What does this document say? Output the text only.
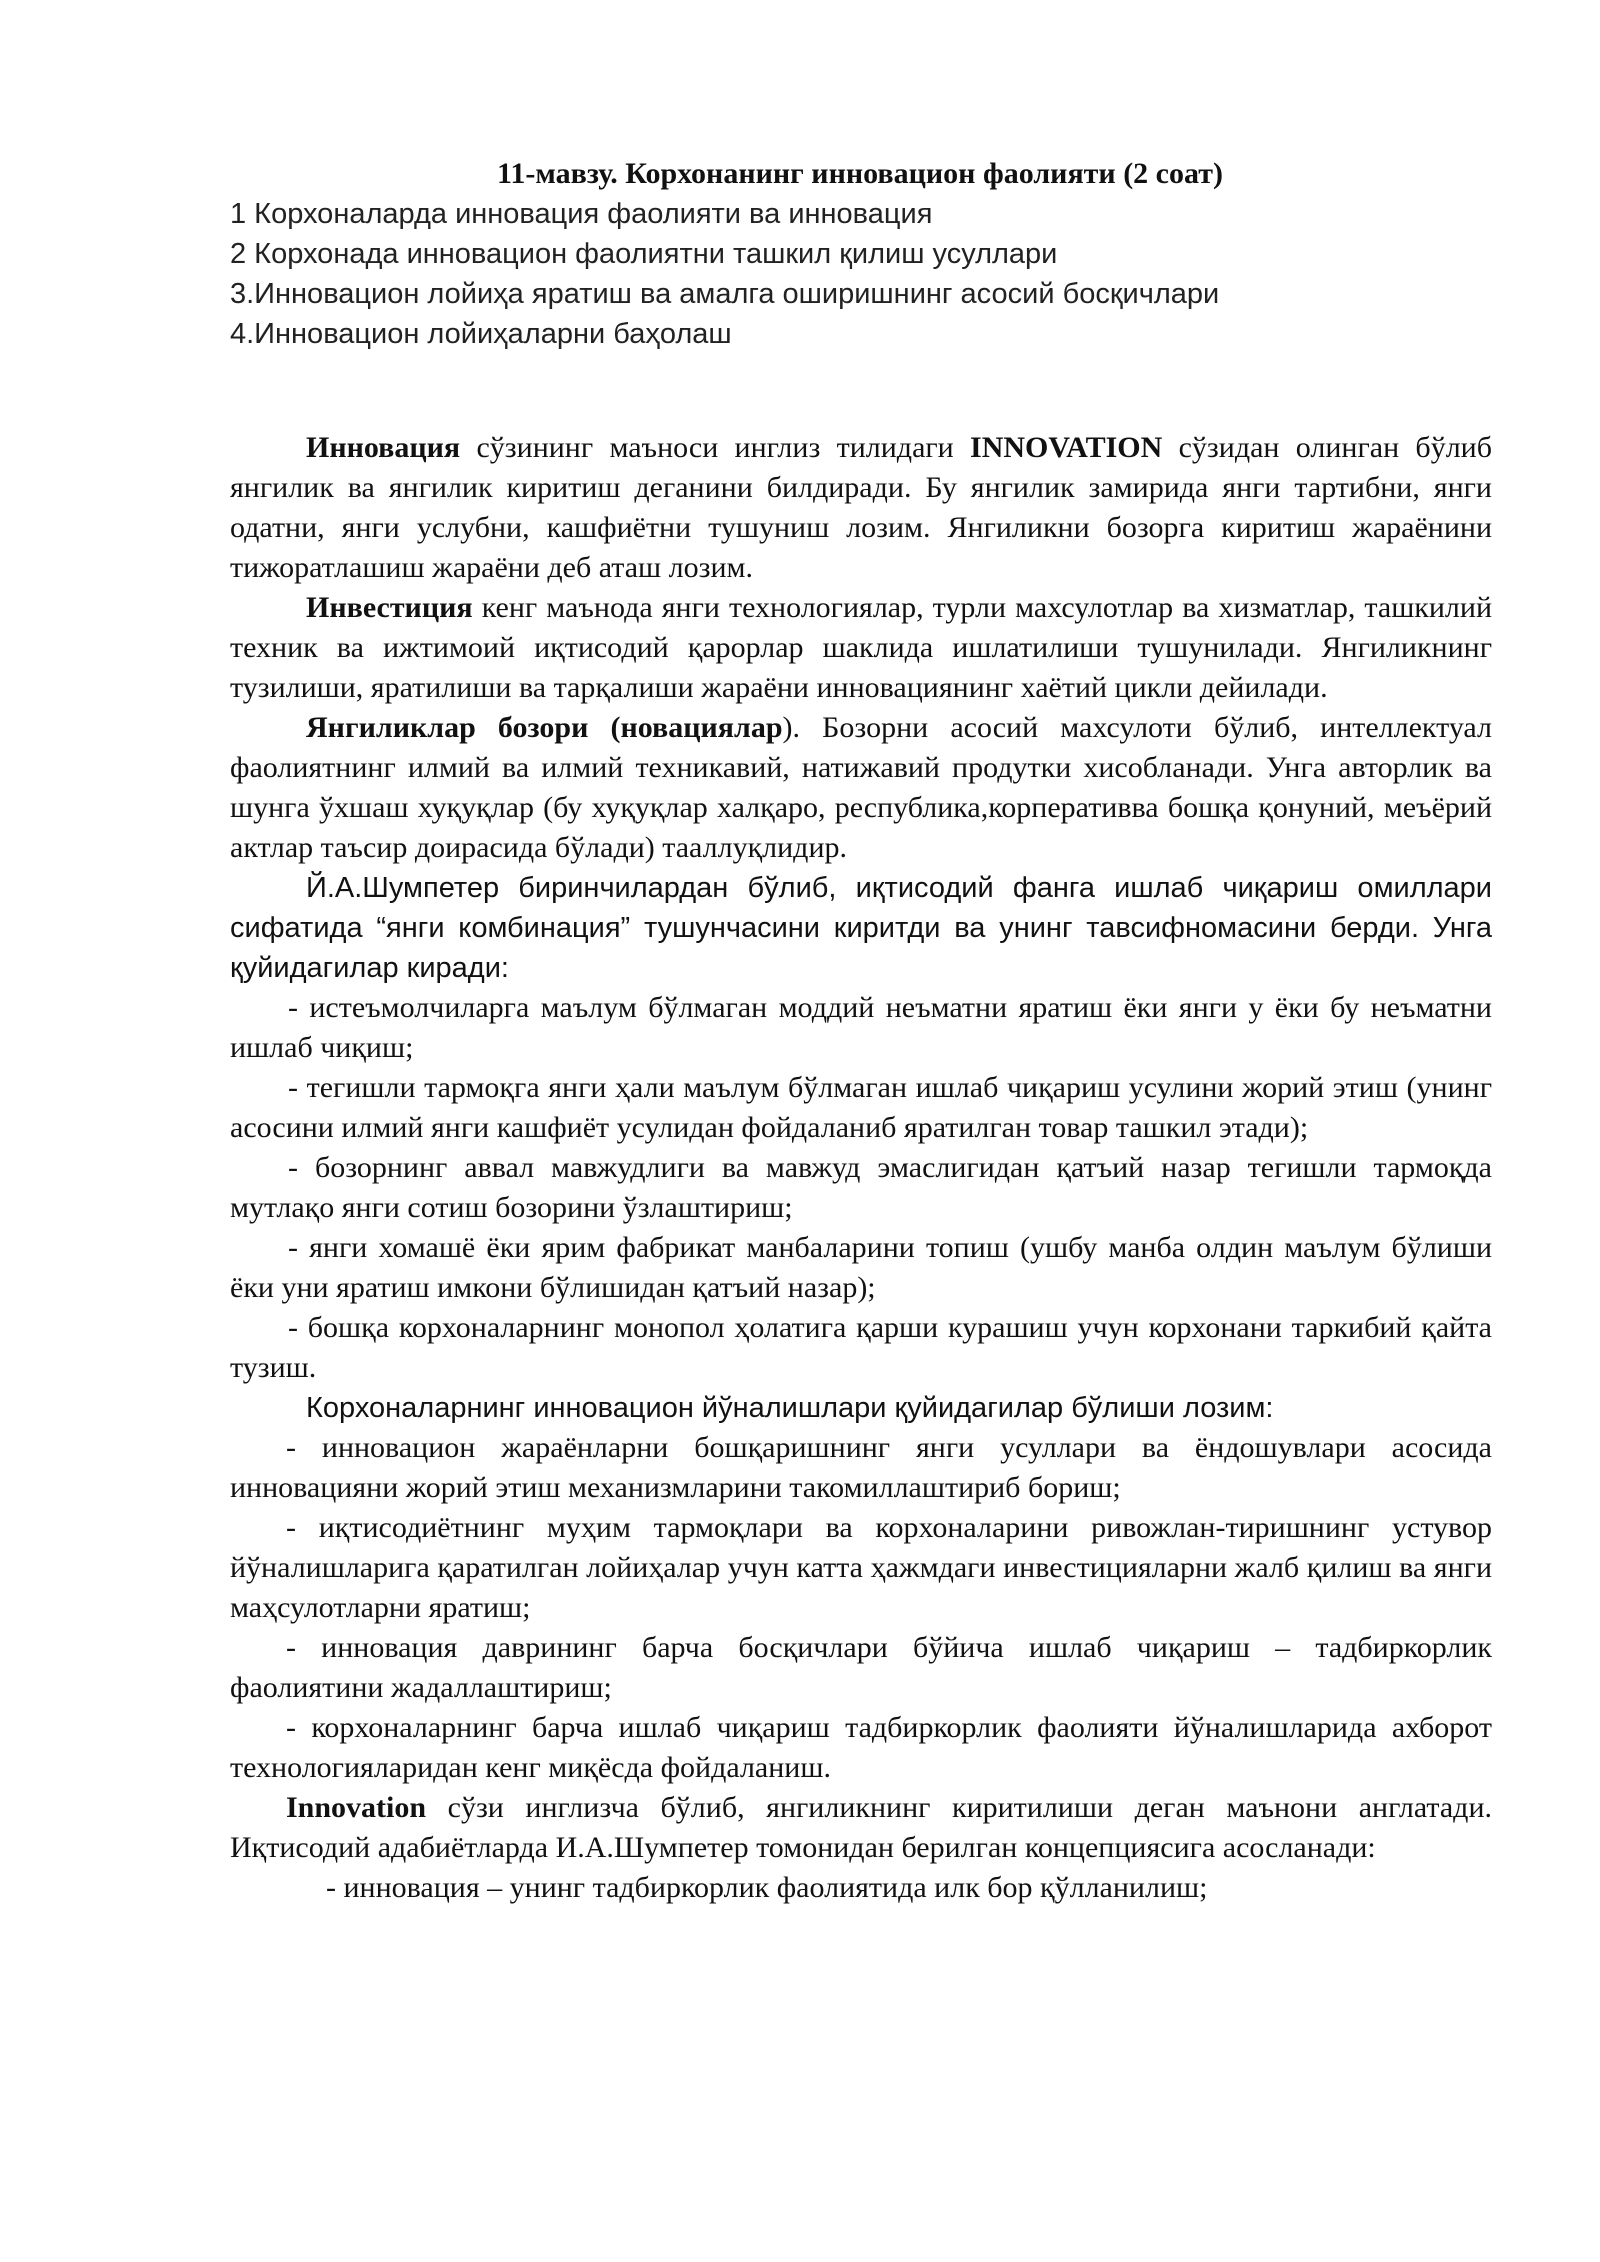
11-мавзу. Корхонанинг инновацион фаолияти (2 соат)

1 Корхоналарда инновация фаолияти ва инновация
2 Корхонада инновацион фаолиятни ташкил қилиш усуллари
3.Инновацион лойиҳа яратиш ва амалга оширишнинг асосий босқичлари
4.Инновацион лойиҳаларни баҳолаш

Инновация сўзининг маъноси инглиз тилидаги INNOVATION сўзидан олинган бўлиб янгилик ва янгилик киритиш деганини билдиради. Бу янгилик замирида янги тартибни, янги одатни, янги услубни, кашфиётни тушуниш лозим. Янгиликни бозорга киритиш жараёнини тижоратлашиш жараёни деб аташ лозим.

Инвестиция кенг маънода янги технологиялар, турли махсулотлар ва хизматлар, ташкилий техник ва ижтимоий иқтисодий қарорлар шаклида ишлатилиши тушунилади. Янгиликнинг тузилиши, яратилиши ва тарқалиши жараёни инновациянинг хаётий цикли дейилади.

Янгиликлар бозори (новациялар). Бозорни асосий махсулоти бўлиб, интеллектуал фаолиятнинг илмий ва илмий техникавий, натижавий продутки хисобланади. Унга авторлик ва шунга ўхшаш хуқуқлар (бу хуқуқлар халқаро, республика,корпеpативва бошқа қонуний, меъёрий актлар таъсир доирасида бўлади) тааллуқлидир.

Й.А.Шумпетер биринчилардан бўлиб, иқтисодий фанга ишлаб чиқариш омиллари сифатида “янги комбинация” тушунчасини киритди ва унинг тавсифномасини берди. Унга қуйидагилар киради:

- истеъмолчиларга маълум бўлмаган моддий неъматни яратиш ёки янги у ёки бу неъматни ишлаб чиқиш;

- тегишли тармоқга янги ҳали маълум бўлмаган ишлаб чиқариш усулини жорий этиш (унинг асосини илмий янги кашфиёт усулидан фойдаланиб яратилган товар ташкил этади);

- бозорнинг аввал мавжудлиги ва мавжуд эмаслигидан қатъий назар тегишли тармоқда мутлақо янги сотиш бозорини ўзлаштириш;

- янги хомашё ёки ярим фабрикат манбаларини топиш (ушбу манба олдин маълум бўлиши ёки уни яратиш имкони бўлишидан қатъий назар);

- бошқа корхоналарнинг монопол ҳолатига қарши курашиш учун корхонани таркибий қайта тузиш.

Корхоналарнинг инновацион йўналишлари қуйидагилар бўлиши лозим:

- инновацион жараёнларни бошқаришнинг янги усуллари ва ёндошувлари асосида инновацияни жорий этиш механизмларини такомиллаштириб бориш;

- иқтисодиётнинг муҳим тармоқлари ва корхоналарини ривожлан-тиришнинг устувор йўналишларига қаратилган лойиҳалар учун катта ҳажмдаги инвестицияларни жалб қилиш ва янги маҳсулотларни яратиш;

- инновация даврининг барча босқичлари бўйича ишлаб чиқариш – тадбиркорлик фаолиятини жадаллаштириш;

- корхоналарнинг барча ишлаб чиқариш тадбиркорлик фаолияти йўналишларида ахборот технологияларидан кенг миқёсда фойдаланиш.

Innovation сўзи инглизча бўлиб, янгиликнинг киритилиши деган маънони англатади. Иқтисодий адабиётларда И.А.Шумпетер томонидан берилган концепциясига асосланади:

- инновация – унинг тадбиркорлик фаолиятида илк бор қўлланилиш;
